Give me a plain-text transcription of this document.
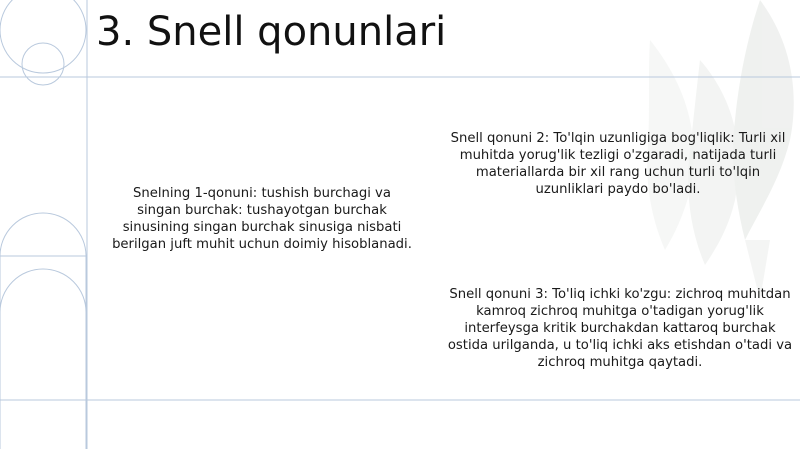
3. Snell qonunlari
Snelning 1-qonuni: tushish burchagi va singan burchak: tushayotgan burchak sinusining singan burchak sinusiga nisbati berilgan juft muhit uchun doimiy hisoblanadi.
Snell qonuni 2: To'lqin uzunligiga bog'liqlik: Turli xil muhitda yorug'lik tezligi o'zgaradi, natijada turli materiallarda bir xil rang uchun turli to'lqin uzunliklari paydo bo'ladi.
Snell qonuni 3: To'liq ichki ko'zgu: zichroq muhitdan kamroq zichroq muhitga o'tadigan yorug'lik interfeysga kritik burchakdan kattaroq burchak ostida urilganda, u to'liq ichki aks etishdan o'tadi va zichroq muhitga qaytadi.
